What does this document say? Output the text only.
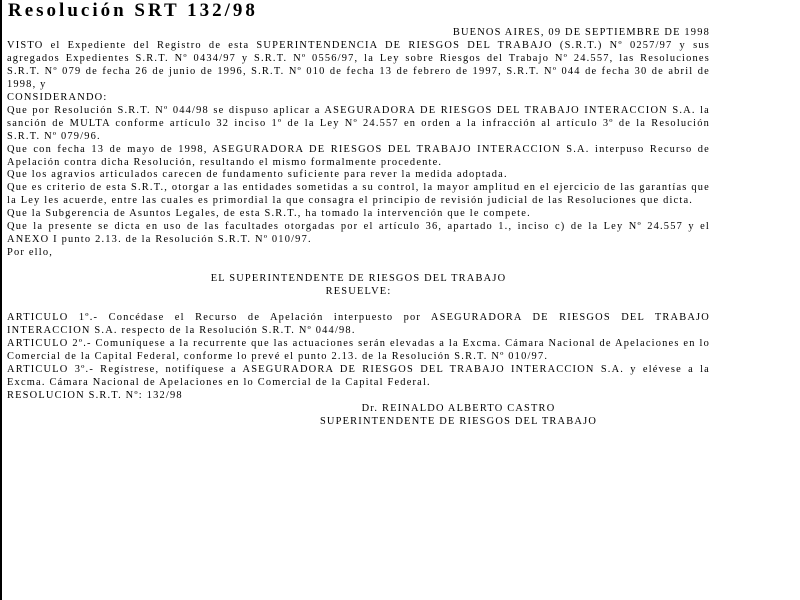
Resolución SRT 132/98

BUENOS AIRES, 09 DE SEPTIEMBRE DE 1998

VISTO el Expediente del Registro de esta SUPERINTENDENCIA DE RIESGOS DEL TRABAJO (S.R.T.) Nº 0257/97 y sus agregados Expedientes S.R.T. Nº 0434/97 y S.R.T. Nº 0556/97, la Ley sobre Riesgos del Trabajo Nº 24.557, las Resoluciones S.R.T. Nº 079 de fecha 26 de junio de 1996, S.R.T. Nº 010 de fecha 13 de febrero de 1997, S.R.T. Nº 044 de fecha 30 de abril de 1998, y

CONSIDERANDO:

Que por Resolución S.R.T. Nº 044/98 se dispuso aplicar a ASEGURADORA DE RIESGOS DEL TRABAJO INTERACCION S.A. la sanción de MULTA conforme artículo 32 inciso 1º de la Ley Nº 24.557 en orden a la infracción al artículo 3º de la Resolución S.R.T. Nº 079/96.

Que con fecha 13 de mayo de 1998, ASEGURADORA DE RIESGOS DEL TRABAJO INTERACCION S.A. interpuso Recurso de Apelación contra dicha Resolución, resultando el mismo formalmente procedente.

Que los agravios articulados carecen de fundamento suficiente para rever la medida adoptada.

Que es criterio de esta S.R.T., otorgar a las entidades sometidas a su control, la mayor amplitud en el ejercicio de las garantías que la Ley les acuerde, entre las cuales es primordial la que consagra el principio de revisión judicial de las Resoluciones que dicta.

Que la Subgerencia de Asuntos Legales, de esta S.R.T., ha tomado la intervención que le compete.

Que la presente se dicta en uso de las facultades otorgadas por el artículo 36, apartado 1., inciso c) de la Ley Nº 24.557 y el ANEXO I punto 2.13. de la Resolución S.R.T. Nº 010/97.

Por ello,

EL SUPERINTENDENTE DE RIESGOS DEL TRABAJO

RESUELVE:

ARTICULO 1º.- Concédase el Recurso de Apelación interpuesto por ASEGURADORA DE RIESGOS DEL TRABAJO INTERACCION S.A. respecto de la Resolución S.R.T. Nº 044/98.

ARTICULO 2º.- Comuníquese a la recurrente que las actuaciones serán elevadas a la Excma. Cámara Nacional de Apelaciones en lo Comercial de la Capital Federal, conforme lo prevé el punto 2.13. de la Resolución S.R.T. Nº 010/97.

ARTICULO 3º.- Regístrese, notifíquese a ASEGURADORA DE RIESGOS DEL TRABAJO INTERACCION S.A. y elévese a la Excma. Cámara Nacional de Apelaciones en lo Comercial de la Capital Federal.

RESOLUCION S.R.T. Nº: 132/98

Dr. REINALDO ALBERTO CASTRO

SUPERINTENDENTE DE RIESGOS DEL TRABAJO
